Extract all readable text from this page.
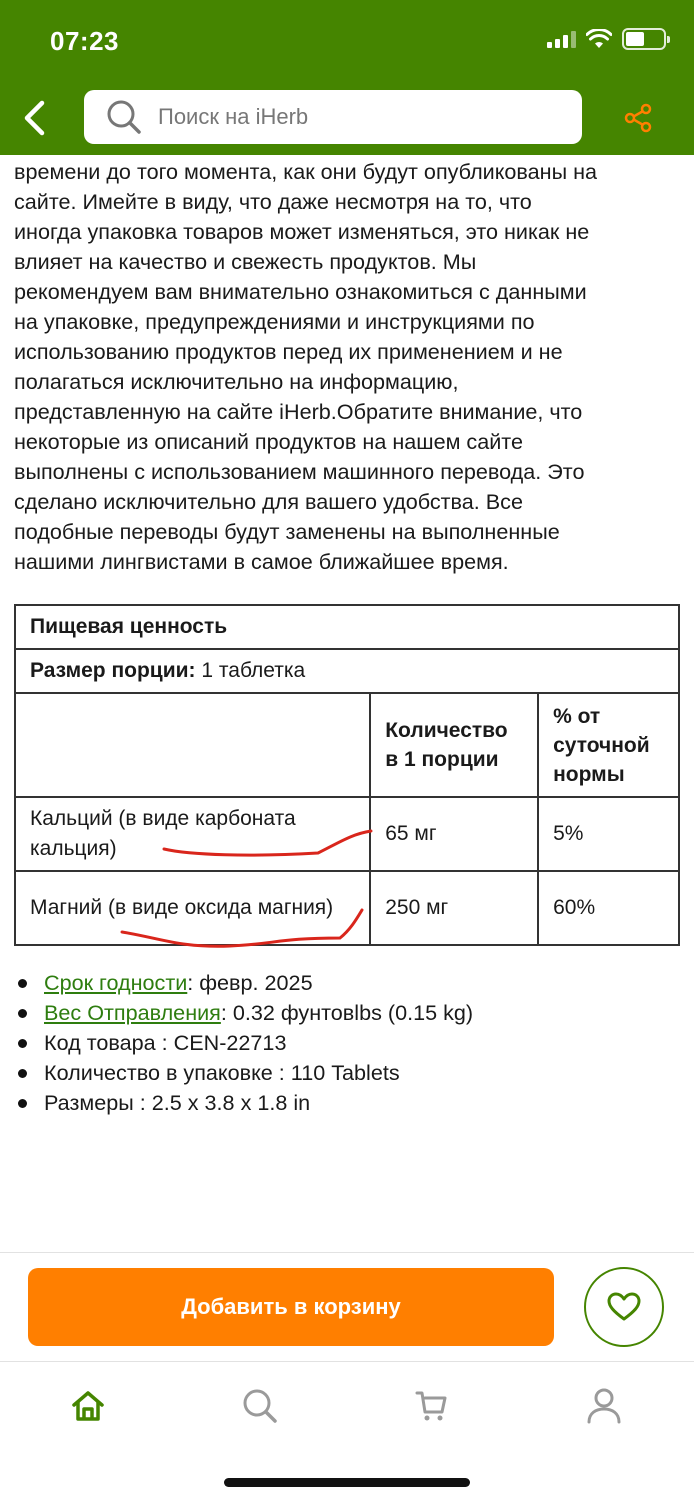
07:23
Поиск на iHerb

времени до того момента, как они будут опубликованы на

сайте. Имейте в виду, что даже несмотря на то, что

иногда упаковка товаров может изменяться, это никак не

влияет на качество и свежесть продуктов. Мы

рекомендуем вам внимательно ознакомиться с данными

на упаковке, предупреждениями и инструкциями по

использованию продуктов перед их применением и не

полагаться исключительно на информацию,

представленную на сайте iHerb.Обратите внимание, что

некоторые из описаний продуктов на нашем сайте

выполнены с использованием машинного перевода. Это

сделано исключительно для вашего удобства. Все

подобные переводы будут заменены на выполненные

нашими лингвистами в самое ближайшее время.

Пищевая ценность		
Размер порции: 1 таблетка		
	Количество в 1 порции	% от суточной нормы
Кальций (в виде карбоната кальция)	65 мг	5%
Магний (в виде оксида магния)	250 мг	60%
Срок годности : февр. 2025
Вес Отправления : 0.32 фунтовlbs (0.15 kg)
Код товара : CEN-22713
Количество в упаковке : 110 Tablets
Размеры : 2.5 x 3.8 x 1.8 in
Добавить в корзину
